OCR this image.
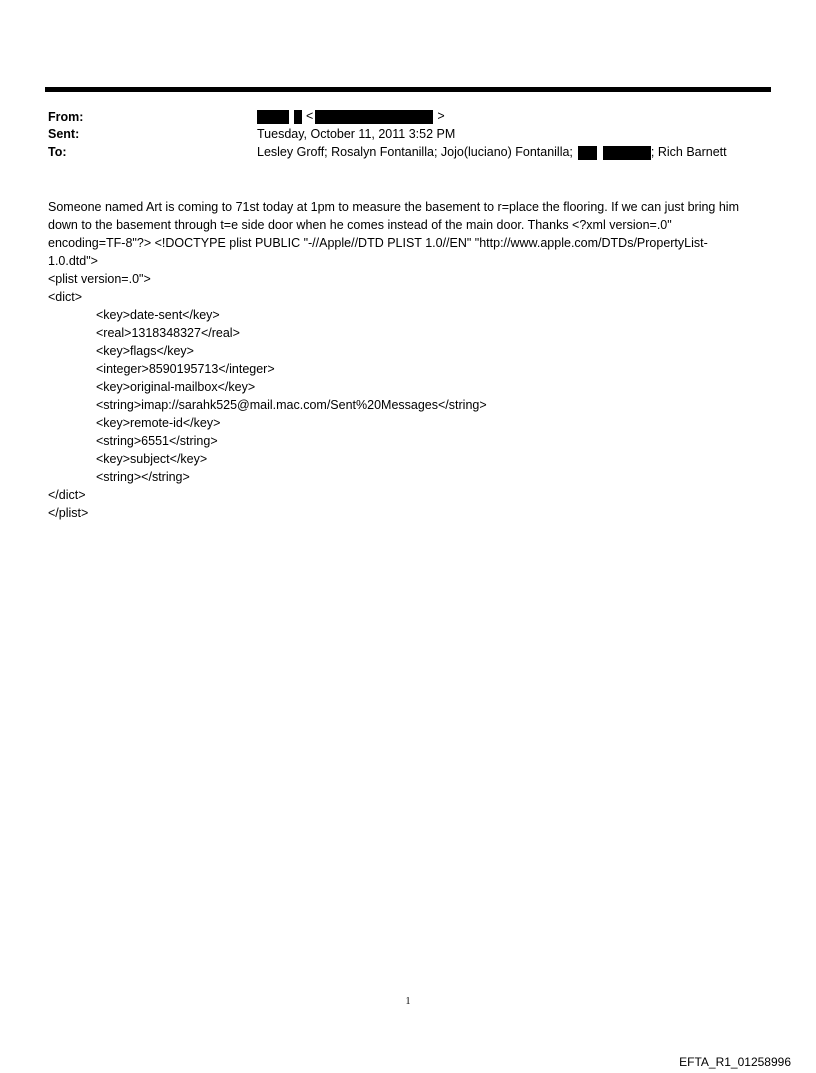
From:
Sent:
To:
<	>
Tuesday, October 11, 2011 3:52 PM
Lesley Groff; Rosalyn Fontanilla; Jojo(luciano) Fontanilla;	; Rich Barnett

Someone named Art is coming to 71st today at 1pm to measure the basement to r=place the flooring. If we can just bring him down to the basement through t=e side door when he comes instead of the main door. Thanks <?xml version=.0" encoding=TF-8"?> <!DOCTYPE plist PUBLIC "-//Apple//DTD PLIST 1.0//EN" "http://www.apple.com/DTDs/PropertyList-1.0.dtd">

<plist version=.0">
<dict>
<key>date-sent</key>
<real>1318348327</real>
<key>flags</key>
<integer>8590195713</integer>
<key>original-mailbox</key>
<string>imap://sarahk525@mail.mac.com/Sent%20Messages</string>
<key>remote-id</key>
<string>6551</string>
<key>subject</key>
<string></string>
</dict>
</plist>
1
EFTA_R1_01258996
